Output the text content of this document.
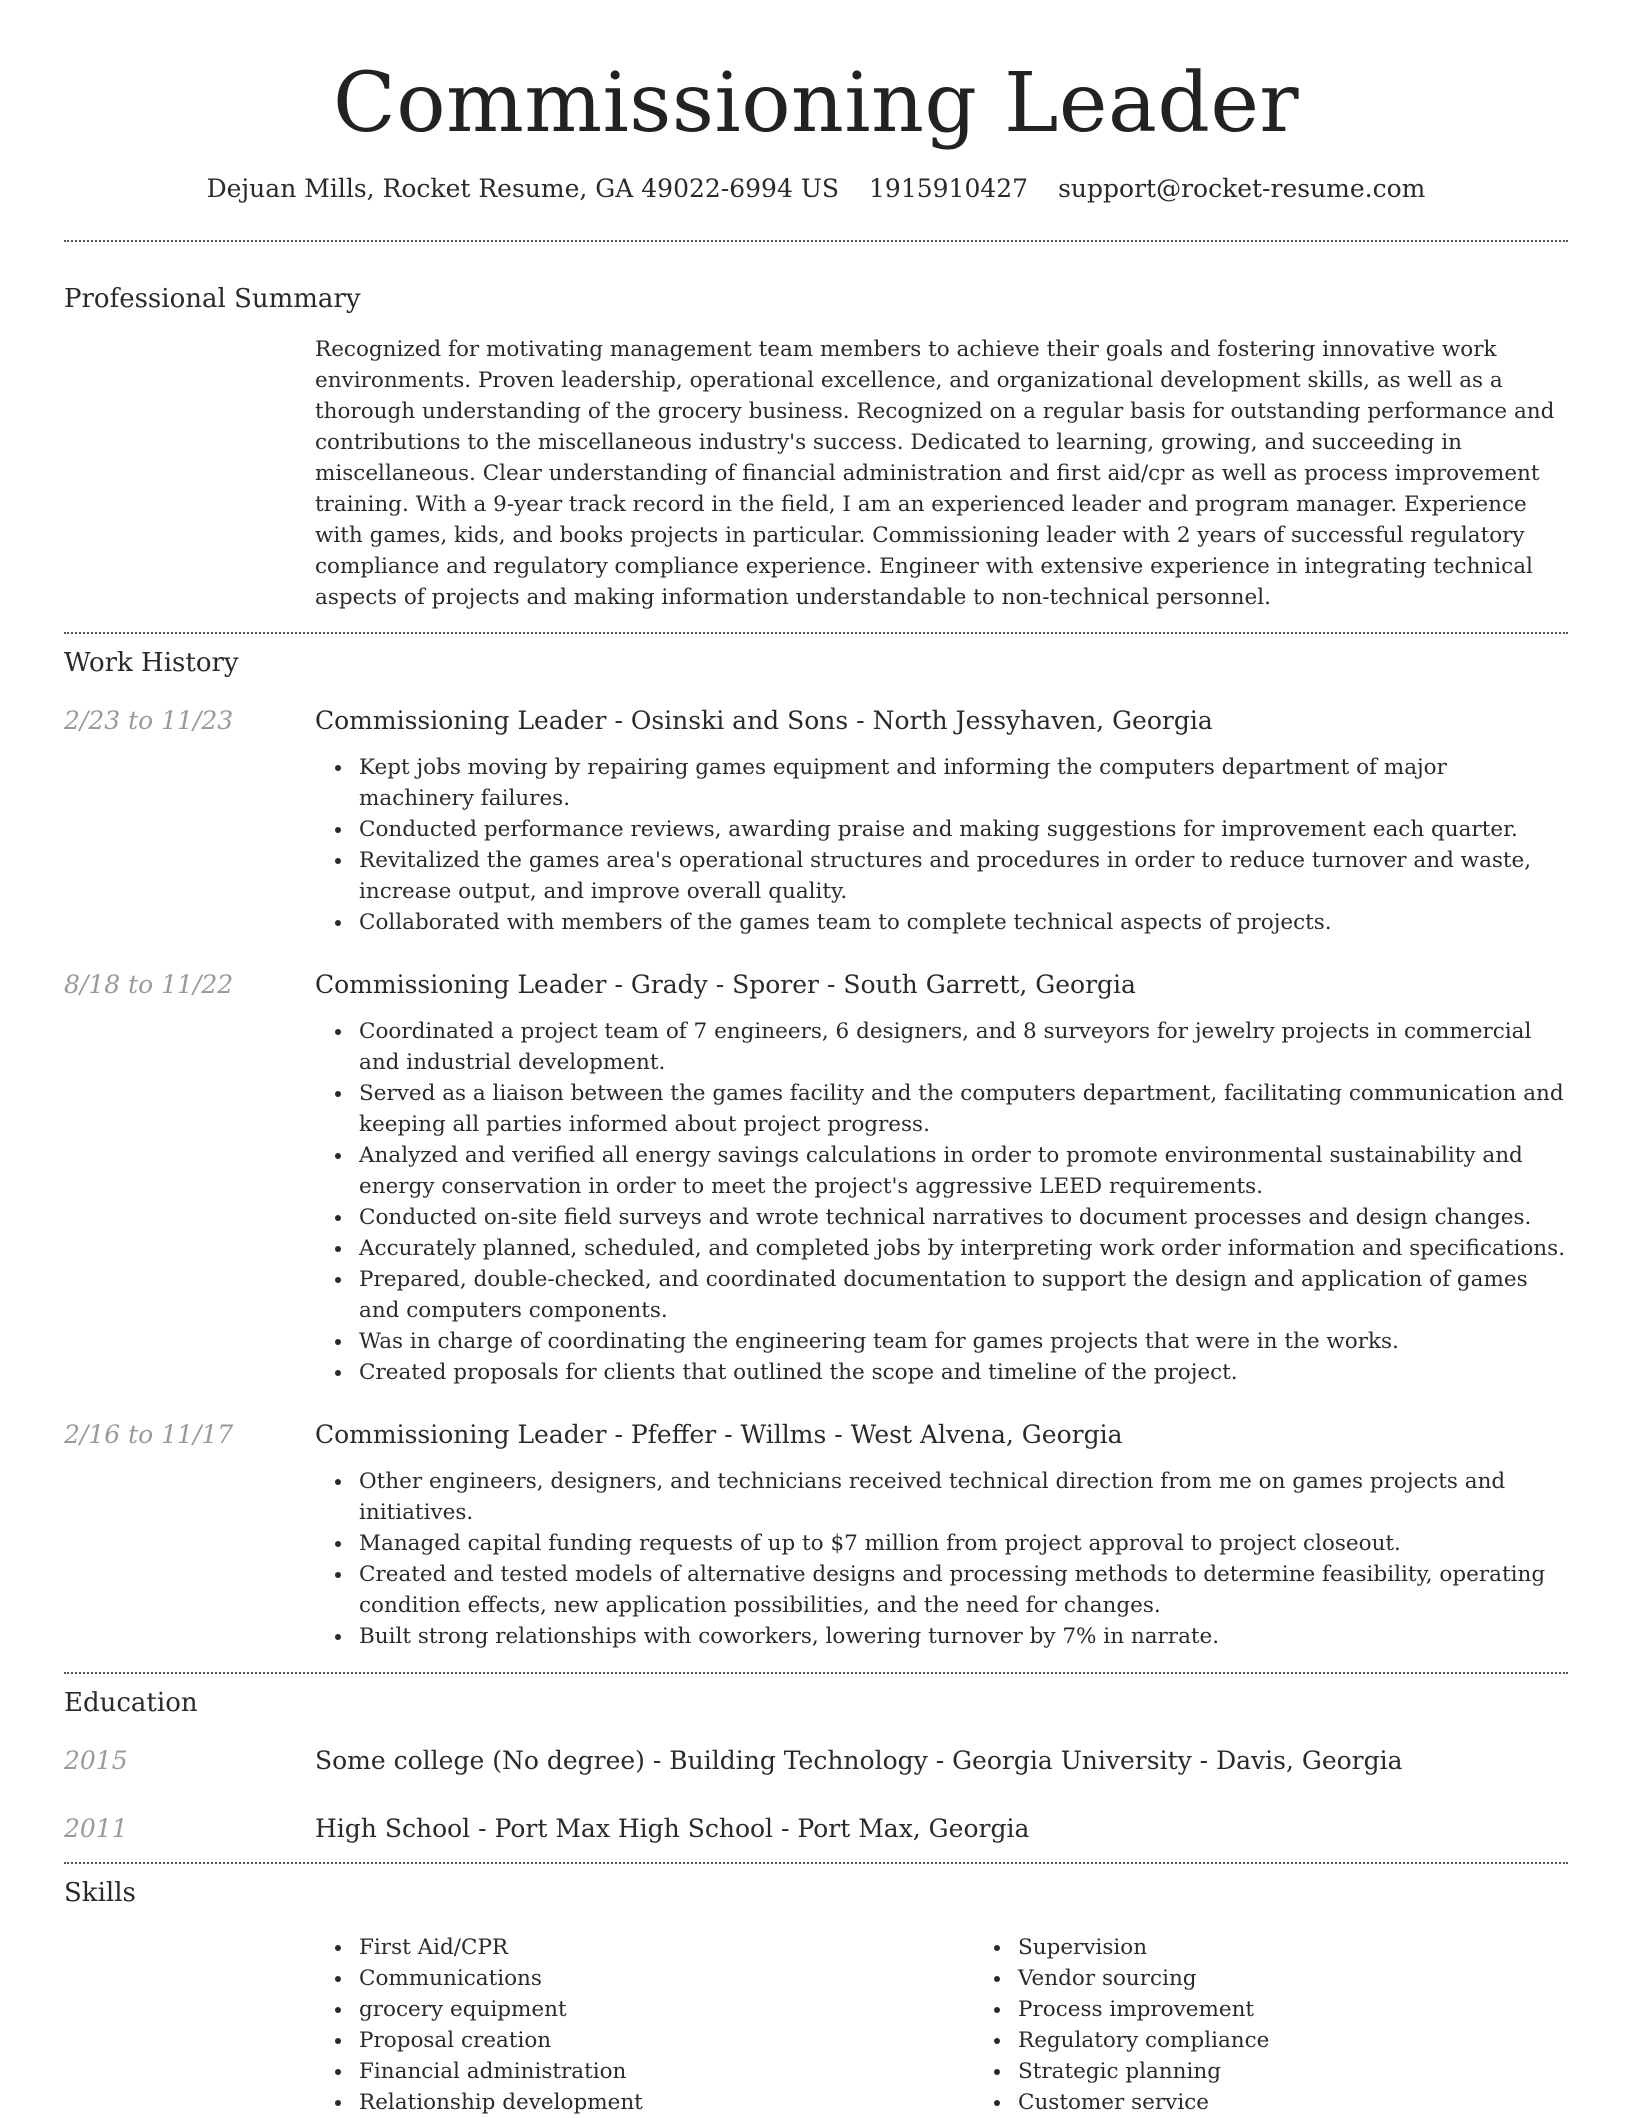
Commissioning Leader
Dejuan Mills, Rocket Resume, GA 49022-6994 US 1915910427 support@rocket-resume.com
Professional Summary

Recognized for motivating management team members to achieve their goals and fostering innovative work environments. Proven leadership, operational excellence, and organizational development skills, as well as a thorough understanding of the grocery business. Recognized on a regular basis for outstanding performance and contributions to the miscellaneous industry's success. Dedicated to learning, growing, and succeeding in miscellaneous. Clear understanding of financial administration and first aid/cpr as well as process improvement training. With a 9-year track record in the field, I am an experienced leader and program manager. Experience with games, kids, and books projects in particular. Commissioning leader with 2 years of successful regulatory compliance and regulatory compliance experience. Engineer with extensive experience in integrating technical aspects of projects and making information understandable to non-technical personnel.

Work History
2/23 to 11/23	Commissioning Leader - Osinski and Sons - North Jessyhaven, Georgia
Kept jobs moving by repairing games equipment and informing the computers department of major machinery failures.
Conducted performance reviews, awarding praise and making suggestions for improvement each quarter.
Revitalized the games area's operational structures and procedures in order to reduce turnover and waste, increase output, and improve overall quality.
Collaborated with members of the games team to complete technical aspects of projects.
8/18 to 11/22	Commissioning Leader - Grady - Sporer - South Garrett, Georgia
Coordinated a project team of 7 engineers, 6 designers, and 8 surveyors for jewelry projects in commercial and industrial development.
Served as a liaison between the games facility and the computers department, facilitating communication and keeping all parties informed about project progress.
Analyzed and verified all energy savings calculations in order to promote environmental sustainability and energy conservation in order to meet the project's aggressive LEED requirements.
Conducted on-site field surveys and wrote technical narratives to document processes and design changes.
Accurately planned, scheduled, and completed jobs by interpreting work order information and specifications.
Prepared, double-checked, and coordinated documentation to support the design and application of games and computers components.
Was in charge of coordinating the engineering team for games projects that were in the works.
Created proposals for clients that outlined the scope and timeline of the project.
2/16 to 11/17	Commissioning Leader - Pfeffer - Willms - West Alvena, Georgia
Other engineers, designers, and technicians received technical direction from me on games projects and initiatives.
Managed capital funding requests of up to $7 million from project approval to project closeout.
Created and tested models of alternative designs and processing methods to determine feasibility, operating condition effects, new application possibilities, and the need for changes.
Built strong relationships with coworkers, lowering turnover by 7% in narrate.
Education
2015	Some college (No degree) - Building Technology - Georgia University - Davis, Georgia
2011	High School - Port Max High School - Port Max, Georgia
Skills
First Aid/CPR
Communications
grocery equipment
Proposal creation
Financial administration
Relationship development
Supervision
Vendor sourcing
Process improvement
Regulatory compliance
Strategic planning
Customer service
